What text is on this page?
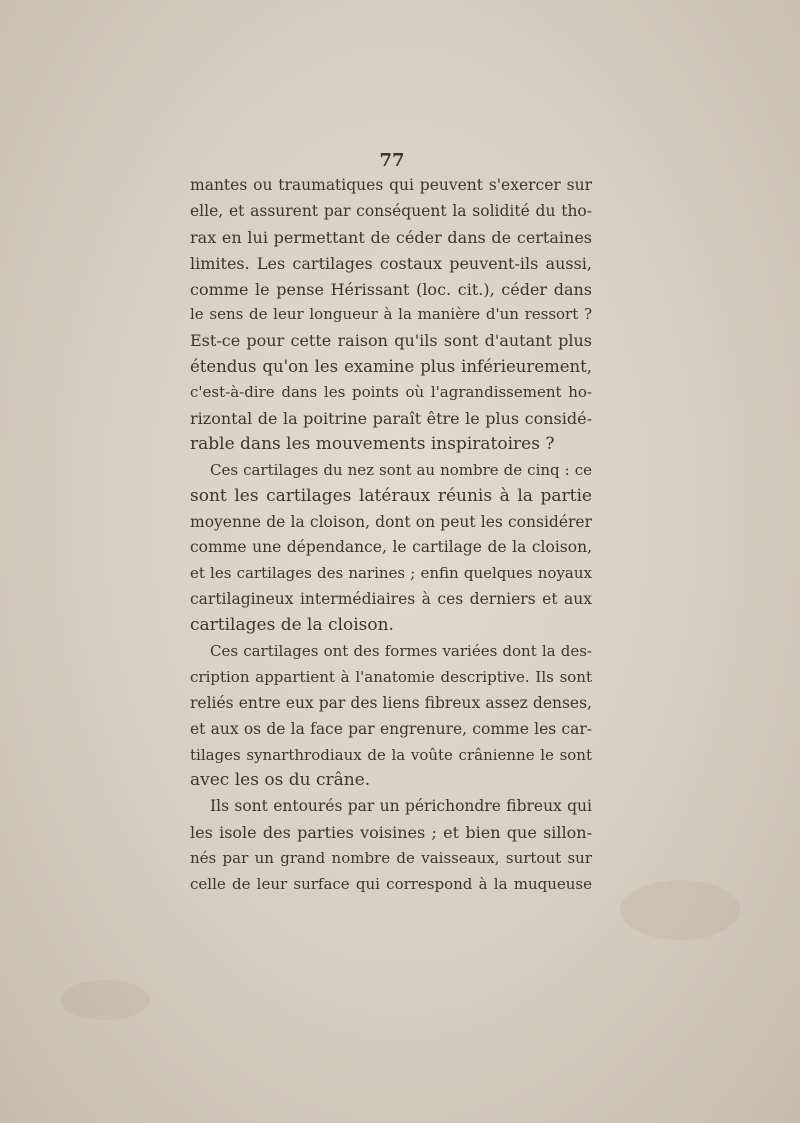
77
mantes ou traumatiques qui peuvent s'exercer sur
elle, et assurent par conséquent la solidité du tho-
rax en lui permettant de céder dans de certaines
limites. Les cartilages costaux peuvent-ils aussi,
comme le pense Hérissant (loc. cit.), céder dans
le sens de leur longueur à la manière d'un ressort ?
Est-ce pour cette raison qu'ils sont d'autant plus
étendus qu'on les examine plus inférieurement,
c'est-à-dire dans les points où l'agrandissement ho-
rizontal de la poitrine paraît être le plus considé-
rable dans les mouvements inspiratoires ?
Ces cartilages du nez sont au nombre de cinq : ce
sont les cartilages latéraux réunis à la partie
moyenne de la cloison, dont on peut les considérer
comme une dépendance, le cartilage de la cloison,
et les cartilages des narines ; enfin quelques noyaux
cartilagineux intermédiaires à ces derniers et aux
cartilages de la cloison.
Ces cartilages ont des formes variées dont la des-
cription appartient à l'anatomie descriptive. Ils sont
reliés entre eux par des liens fibreux assez denses,
et aux os de la face par engrenure, comme les car-
tilages synarthrodiaux de la voûte crânienne le sont
avec les os du crâne.
Ils sont entourés par un périchondre fibreux qui
les isole des parties voisines ; et bien que sillon-
nés par un grand nombre de vaisseaux, surtout sur
celle de leur surface qui correspond à la muqueuse
